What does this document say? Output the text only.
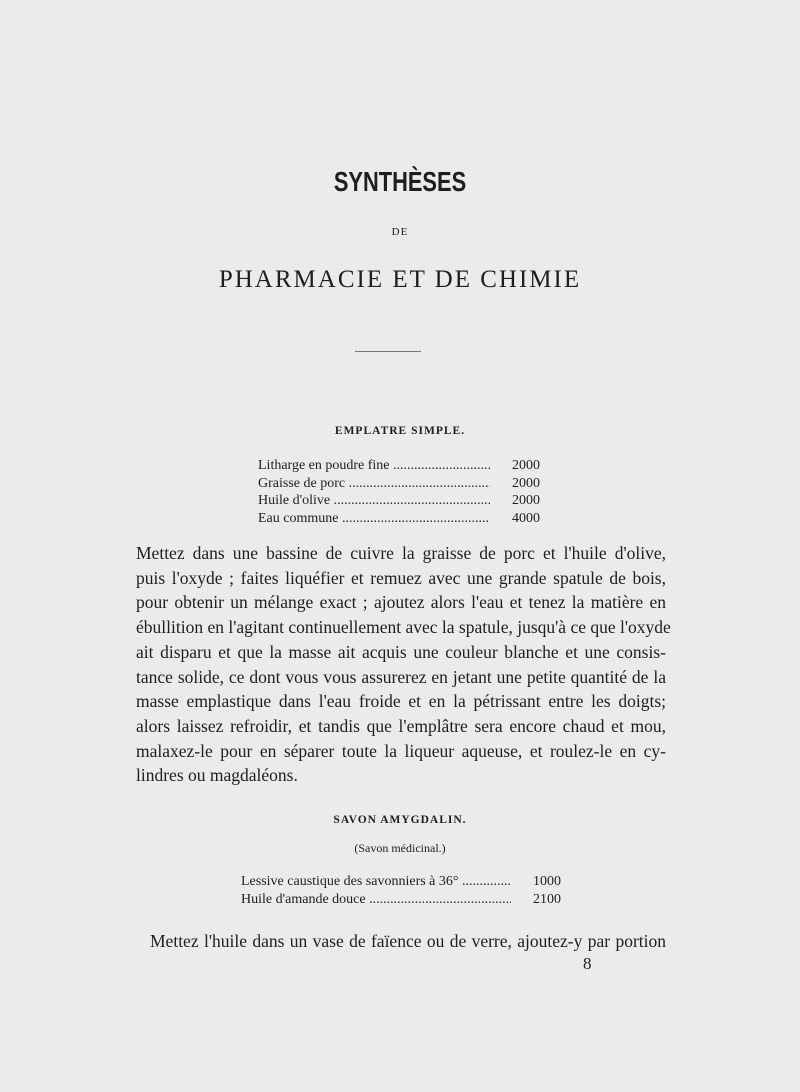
SYNTHÈSES
DE
PHARMACIE ET DE CHIMIE
EMPLATRE SIMPLE.
Litharge en poudre fine .....	2000
Graisse de porc .....	2000
Huile d'olive .....	2000
Eau commune .....	4000
Mettez dans une bassine de cuivre la graisse de porc et l'huile d'olive,
puis l'oxyde ; faites liquéfier et remuez avec une grande spatule de bois,
pour obtenir un mélange exact ; ajoutez alors l'eau et tenez la matière en
ébullition en l'agitant continuellement avec la spatule, jusqu'à ce que l'oxyde
ait disparu et que la masse ait acquis une couleur blanche et une consis-
tance solide, ce dont vous vous assurerez en jetant une petite quantité de la
masse emplastique dans l'eau froide et en la pétrissant entre les doigts;
alors laissez refroidir, et tandis que l'emplâtre sera encore chaud et mou,
malaxez-le pour en séparer toute la liqueur aqueuse, et roulez-le en cy-
lindres ou magdaléons.
SAVON AMYGDALIN.
(Savon médicinal.)
Lessive caustique des savonniers à 36° .....	1000
Huile d'amande douce .....	2100
Mettez l'huile dans un vase de faïence ou de verre, ajoutez-y par portion
8
